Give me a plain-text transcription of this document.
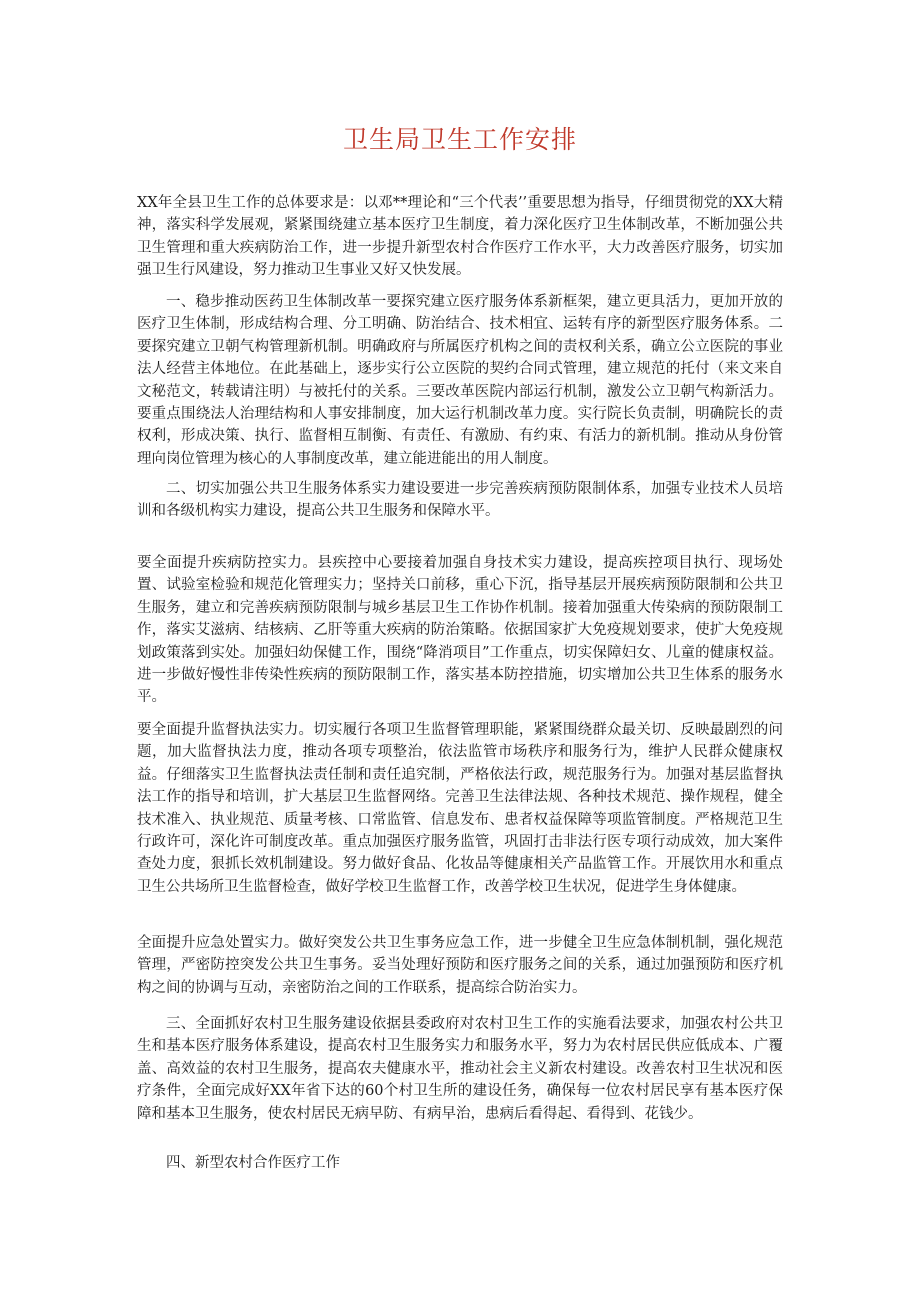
卫生局卫生工作安排

XX年全县卫生工作的总体要求是：以邓**理论和“三个代表’’重要思想为指导，仔细贯彻党的XX大精神，落实科学发展观，紧紧围绕建立基本医疗卫生制度，着力深化医疗卫生体制改革，不断加强公共卫生管理和重大疾病防治工作，进一步提升新型农村合作医疗工作水平，大力改善医疗服务，切实加强卫生行风建设，努力推动卫生事业又好又快发展。

一、稳步推动医药卫生体制改革一要探究建立医疗服务体系新框架，建立更具活力，更加开放的医疗卫生体制，形成结构合理、分工明确、防治结合、技术相宜、运转有序的新型医疗服务体系。二要探究建立卫朝气构管理新机制。明确政府与所属医疗机构之间的责权利关系，确立公立医院的事业法人经营主体地位。在此基础上，逐步实行公立医院的契约合同式管理，建立规范的托付（来文来自文秘范文，转载请注明）与被托付的关系。三要改革医院内部运行机制，激发公立卫朝气构新活力。要重点围绕法人治理结构和人事安排制度，加大运行机制改革力度。实行院长负责制，明确院长的责权利，形成决策、执行、监督相互制衡、有责任、有激励、有约束、有活力的新机制。推动从身份管理向岗位管理为核心的人事制度改革，建立能进能出的用人制度。

二、切实加强公共卫生服务体系实力建设要进一步完善疾病预防限制体系，加强专业技术人员培训和各级机构实力建设，提高公共卫生服务和保障水平。

要全面提升疾病防控实力。县疾控中心要接着加强自身技术实力建设，提高疾控项目执行、现场处置、试验室检验和规范化管理实力；坚持关口前移，重心下沉，指导基层开展疾病预防限制和公共卫生服务，建立和完善疾病预防限制与城乡基层卫生工作协作机制。接着加强重大传染病的预防限制工作，落实艾滋病、结核病、乙肝等重大疾病的防治策略。依据国家扩大免疫规划要求，使扩大免疫规划政策落到实处。加强妇幼保健工作，围绕“降消项目”工作重点，切实保障妇女、儿童的健康权益。进一步做好慢性非传染性疾病的预防限制工作，落实基本防控措施，切实增加公共卫生体系的服务水平。

要全面提升监督执法实力。切实履行各项卫生监督管理职能，紧紧围绕群众最关切、反映最剧烈的问题，加大监督执法力度，推动各项专项整治，依法监管市场秩序和服务行为，维护人民群众健康权益。仔细落实卫生监督执法责任制和责任追究制，严格依法行政，规范服务行为。加强对基层监督执法工作的指导和培训，扩大基层卫生监督网络。完善卫生法律法规、各种技术规范、操作规程，健全技术准入、执业规范、质量考核、口常监管、信息发布、患者权益保障等项监管制度。严格规范卫生行政许可，深化许可制度改革。重点加强医疗服务监管，巩固打击非法行医专项行动成效，加大案件查处力度，狠抓长效机制建设。努力做好食品、化妆品等健康相关产品监管工作。开展饮用水和重点卫生公共场所卫生监督检查，做好学校卫生监督工作，改善学校卫生状况，促进学生身体健康。

全面提升应急处置实力。做好突发公共卫生事务应急工作，进一步健全卫生应急体制机制，强化规范管理，严密防控突发公共卫生事务。妥当处理好预防和医疗服务之间的关系，通过加强预防和医疗机构之间的协调与互动，亲密防治之间的工作联系，提高综合防治实力。

三、全面抓好农村卫生服务建设依据县委政府对农村卫生工作的实施看法要求，加强农村公共卫生和基本医疗服务体系建设，提高农村卫生服务实力和服务水平，努力为农村居民供应低成本、广覆盖、高效益的农村卫生服务，提高农夫健康水平，推动社会主义新农村建设。改善农村卫生状况和医疗条件，全面完成好XX年省下达的60个村卫生所的建设任务，确保每一位农村居民享有基本医疗保障和基本卫生服务，使农村居民无病早防、有病早治，患病后看得起、看得到、花钱少。

四、新型农村合作医疗工作
